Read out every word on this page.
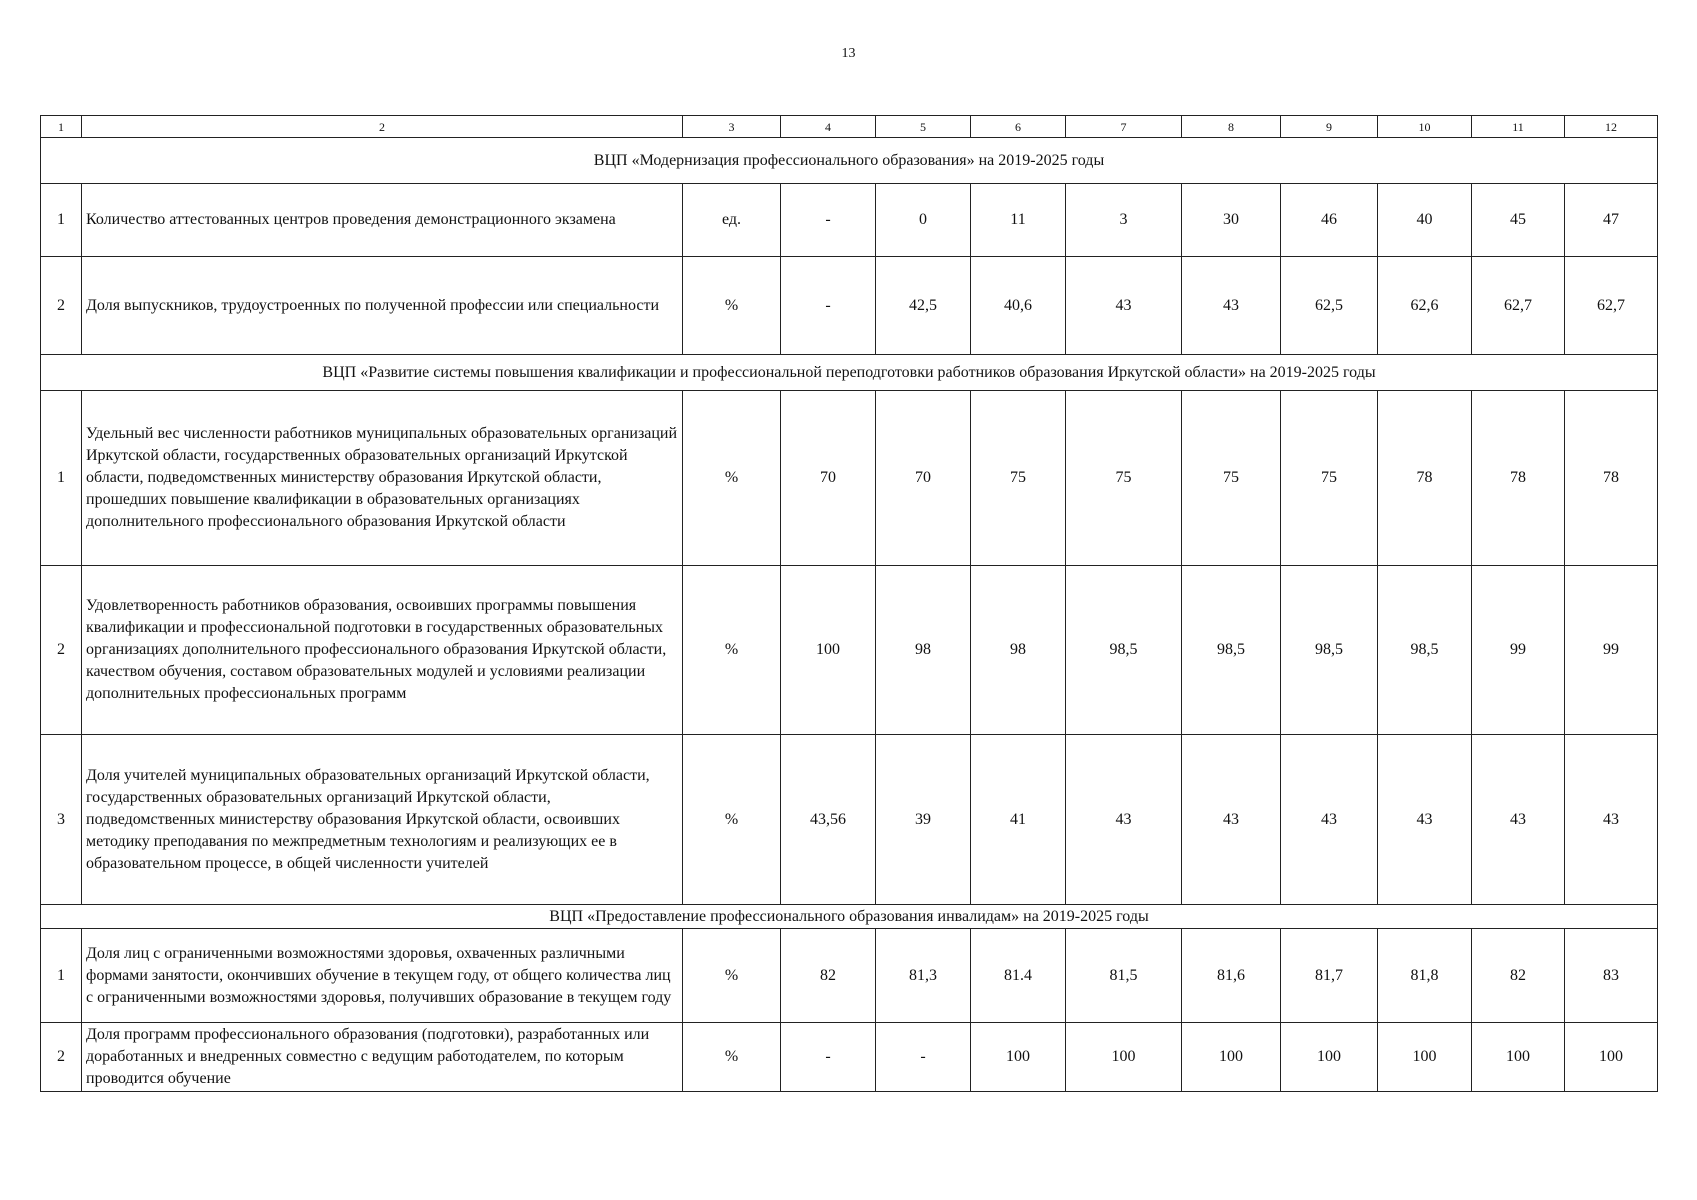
13
1	2	3	4	5	6	7	8	9	10	11	12
ВЦП «Модернизация профессионального образования» на 2019-2025 годы											
1	Количество аттестованных центров проведения демонстрационного экзамена	ед.	-	0	11	3	30	46	40	45	47
2	Доля выпускников, трудоустроенных по полученной профессии или специальности	%	-	42,5	40,6	43	43	62,5	62,6	62,7	62,7
ВЦП «Развитие системы повышения квалификации и профессиональной переподготовки работников образования Иркутской области» на 2019-2025 годы											
1	Удельный вес численности работников муниципальных образовательных организаций Иркутской области, государственных образовательных организаций Иркутской области, подведомственных министерству образования Иркутской области, прошедших повышение квалификации в образовательных организациях дополнительного профессионального образования Иркутской области	%	70	70	75	75	75	75	78	78	78
2	Удовлетворенность работников образования, освоивших программы повышения квалификации и профессиональной подготовки в государственных образовательных организациях дополнительного профессионального образования Иркутской области, качеством обучения, составом образовательных модулей и условиями реализации дополнительных профессиональных программ	%	100	98	98	98,5	98,5	98,5	98,5	99	99
3	Доля учителей муниципальных образовательных организаций Иркутской области, государственных образовательных организаций Иркутской области, подведомственных министерству образования Иркутской области, освоивших методику преподавания по межпредметным технологиям и реализующих ее в образовательном процессе, в общей численности учителей	%	43,56	39	41	43	43	43	43	43	43
ВЦП «Предоставление профессионального образования инвалидам» на 2019-2025 годы											
1	Доля лиц с ограниченными возможностями здоровья, охваченных различными формами занятости, окончивших обучение в текущем году, от общего количества лиц с ограниченными возможностями здоровья, получивших образование в текущем году	%	82	81,3	81.4	81,5	81,6	81,7	81,8	82	83
2	Доля программ профессионального образования (подготовки), разработанных или доработанных и внедренных совместно с ведущим работодателем, по которым проводится обучение	%	-	-	100	100	100	100	100	100	100
